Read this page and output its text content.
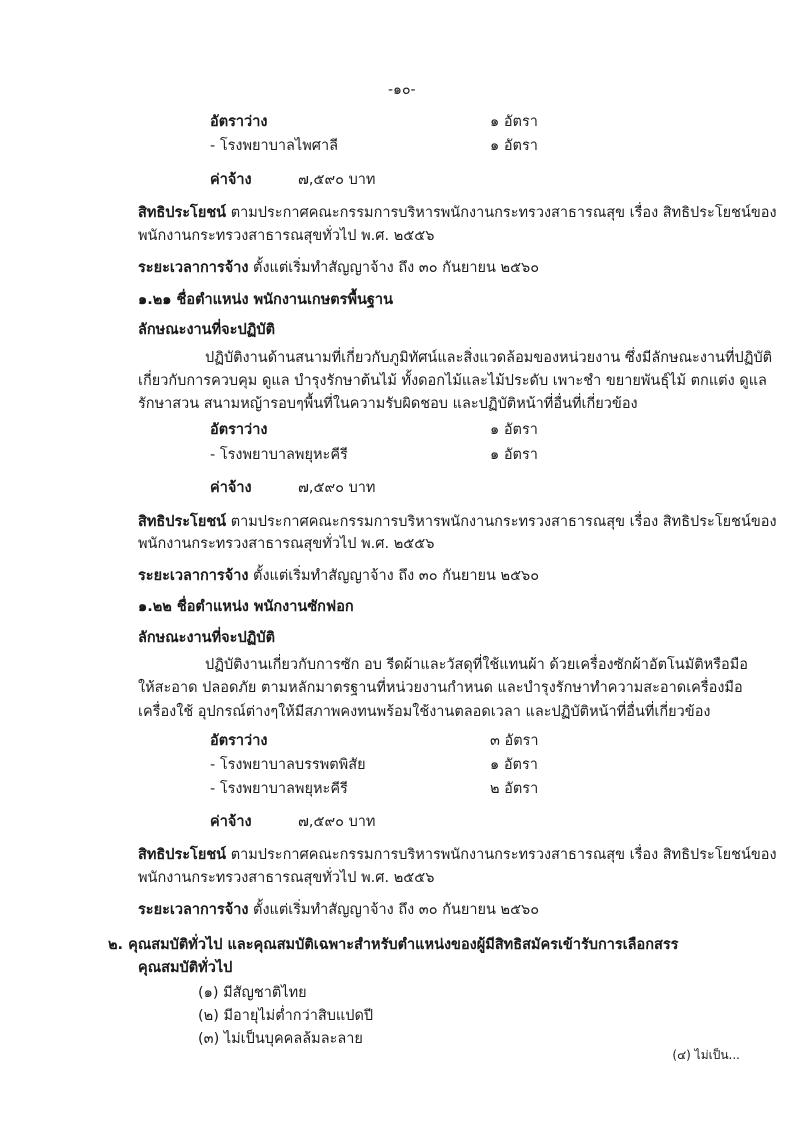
-๑๐-
อัตราว่าง	๑ อัตรา
- โรงพยาบาลไพศาลี	๑ อัตรา
ค่าจ้าง	๗,๕๙๐ บาท
สิทธิประโยชน์ ตามประกาศคณะกรรมการบริหารพนักงานกระทรวงสาธารณสุข เรื่อง สิทธิประโยชน์ของ
พนักงานกระทรวงสาธารณสุขทั่วไป พ.ศ. ๒๕๕๖
ระยะเวลาการจ้าง ตั้งแต่เริ่มทำสัญญาจ้าง ถึง ๓๐ กันยายน ๒๕๖๐
๑.๒๑ ชื่อตำแหน่ง พนักงานเกษตรพื้นฐาน
ลักษณะงานที่จะปฏิบัติ
ปฏิบัติงานด้านสนามที่เกี่ยวกับภูมิทัศน์และสิ่งแวดล้อมของหน่วยงาน ซึ่งมีลักษณะงานที่ปฏิบัติ
เกี่ยวกับการควบคุม ดูแล บำรุงรักษาต้นไม้ ทั้งดอกไม้และไม้ประดับ เพาะชำ ขยายพันธุ์ไม้ ตกแต่ง ดูแล
รักษาสวน สนามหญ้ารอบๆพื้นที่ในความรับผิดชอบ และปฏิบัติหน้าที่อื่นที่เกี่ยวข้อง
อัตราว่าง	๑ อัตรา
- โรงพยาบาลพยุหะคีรี	๑ อัตรา
ค่าจ้าง	๗,๕๙๐ บาท
สิทธิประโยชน์ ตามประกาศคณะกรรมการบริหารพนักงานกระทรวงสาธารณสุข เรื่อง สิทธิประโยชน์ของ
พนักงานกระทรวงสาธารณสุขทั่วไป พ.ศ. ๒๕๕๖
ระยะเวลาการจ้าง ตั้งแต่เริ่มทำสัญญาจ้าง ถึง ๓๐ กันยายน ๒๕๖๐
๑.๒๒ ชื่อตำแหน่ง พนักงานซักฟอก
ลักษณะงานที่จะปฏิบัติ
ปฏิบัติงานเกี่ยวกับการซัก อบ รีดผ้าและวัสดุที่ใช้แทนผ้า ด้วยเครื่องซักผ้าอัตโนมัติหรือมือ
ให้สะอาด ปลอดภัย ตามหลักมาตรฐานที่หน่วยงานกำหนด และบำรุงรักษาทำความสะอาดเครื่องมือ
เครื่องใช้ อุปกรณ์ต่างๆให้มีสภาพคงทนพร้อมใช้งานตลอดเวลา และปฏิบัติหน้าที่อื่นที่เกี่ยวข้อง
อัตราว่าง	๓ อัตรา
- โรงพยาบาลบรรพตพิสัย	๑ อัตรา
- โรงพยาบาลพยุหะคีรี	๒ อัตรา
ค่าจ้าง	๗,๕๙๐ บาท
สิทธิประโยชน์ ตามประกาศคณะกรรมการบริหารพนักงานกระทรวงสาธารณสุข เรื่อง สิทธิประโยชน์ของ
พนักงานกระทรวงสาธารณสุขทั่วไป พ.ศ. ๒๕๕๖
ระยะเวลาการจ้าง ตั้งแต่เริ่มทำสัญญาจ้าง ถึง ๓๐ กันยายน ๒๕๖๐
๒. คุณสมบัติทั่วไป และคุณสมบัติเฉพาะสำหรับตำแหน่งของผู้มีสิทธิสมัครเข้ารับการเลือกสรร
คุณสมบัติทั่วไป
(๑) มีสัญชาติไทย
(๒) มีอายุไม่ต่ำกว่าสิบแปดปี
(๓) ไม่เป็นบุคคลล้มละลาย
(๔) ไม่เป็น...
